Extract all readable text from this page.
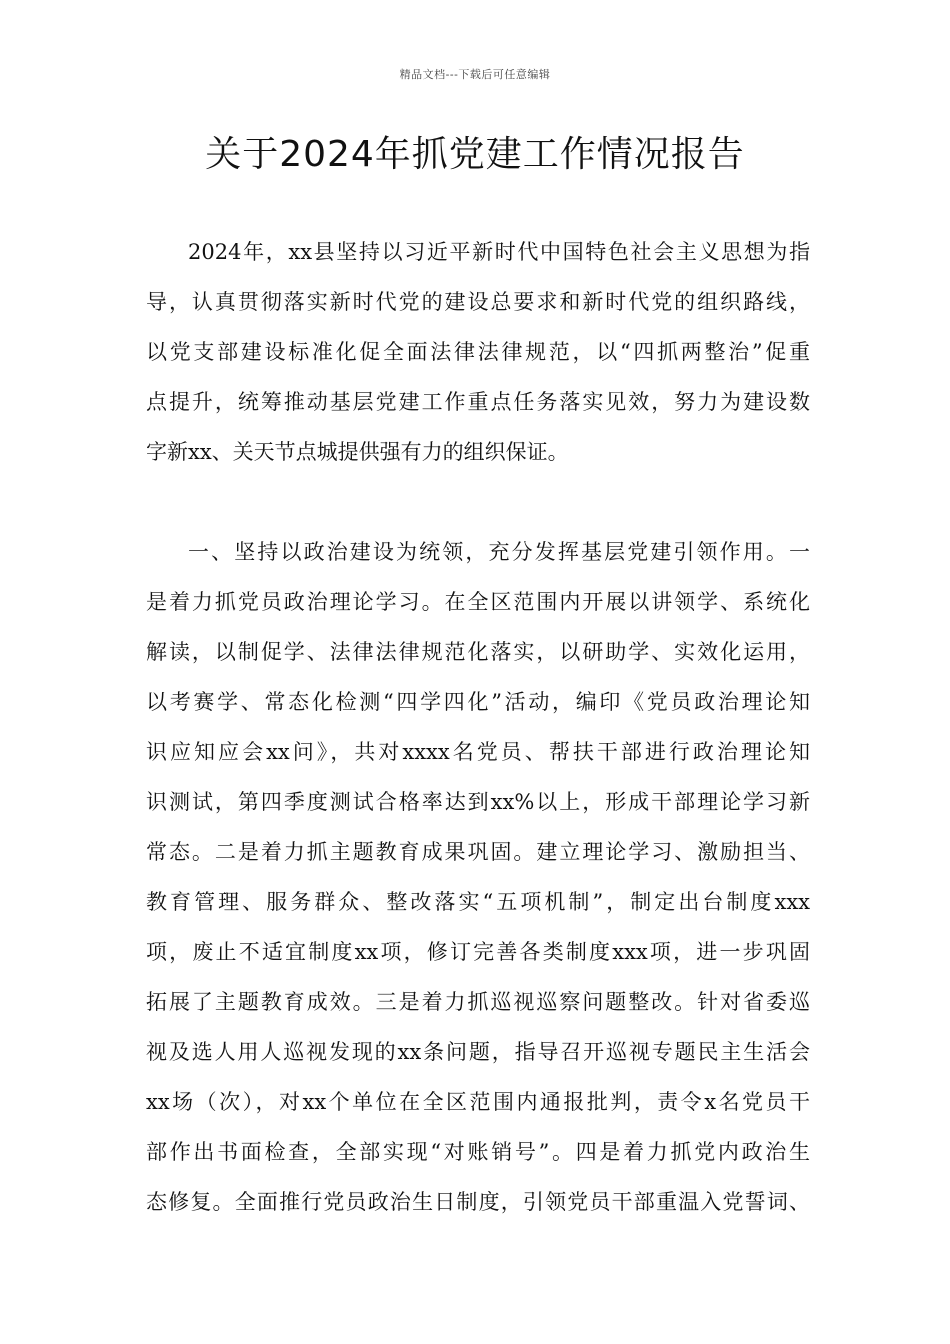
精品文档---下载后可任意编辑
关于2024年抓党建工作情况报告
2024年，xx县坚持以习近平新时代中国特色社会主义思想为指
导，认真贯彻落实新时代党的建设总要求和新时代党的组织路线，
以党支部建设标准化促全面法律法律规范，以“四抓两整治”促重
点提升，统筹推动基层党建工作重点任务落实见效，努力为建设数
字新xx、关天节点城提供强有力的组织保证。
一、坚持以政治建设为统领，充分发挥基层党建引领作用。一
是着力抓党员政治理论学习。在全区范围内开展以讲领学、系统化
解读，以制促学、法律法律规范化落实，以研助学、实效化运用，
以考赛学、常态化检测“四学四化”活动，编印《党员政治理论知
识应知应会xx问》，共对xxxx名党员、帮扶干部进行政治理论知
识测试，第四季度测试合格率达到xx%以上，形成干部理论学习新
常态。二是着力抓主题教育成果巩固。建立理论学习、激励担当、
教育管理、服务群众、整改落实“五项机制”，制定出台制度xxx
项，废止不适宜制度xx项，修订完善各类制度xxx项，进一步巩固
拓展了主题教育成效。三是着力抓巡视巡察问题整改。针对省委巡
视及选人用人巡视发现的xx条问题，指导召开巡视专题民主生活会
xx场（次），对xx个单位在全区范围内通报批判，责令x名党员干
部作出书面检查，全部实现“对账销号”。四是着力抓党内政治生
态修复。全面推行党员政治生日制度，引领党员干部重温入党誓词、
